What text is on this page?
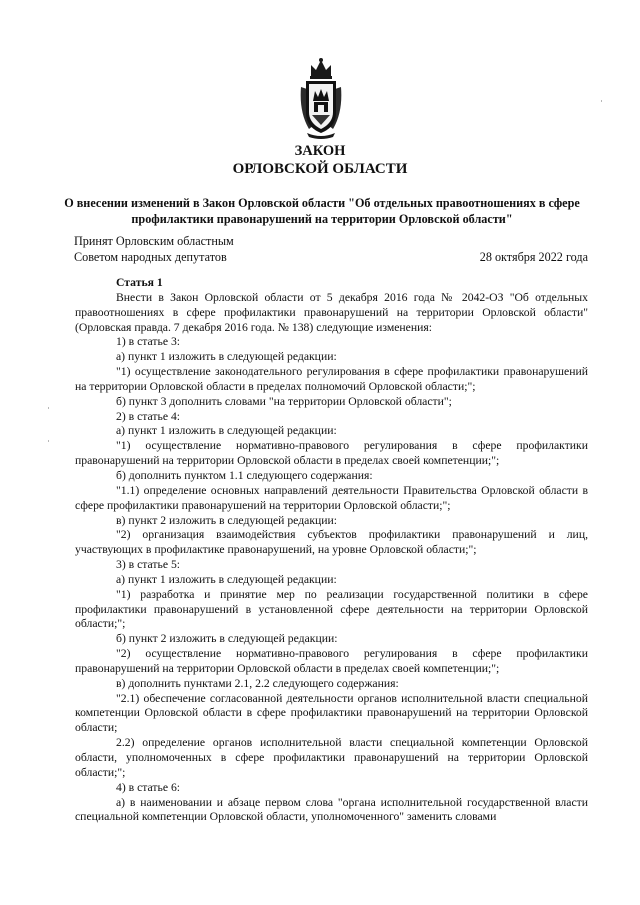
ЗАКОН
ОРЛОВСКОЙ ОБЛАСТИ
О внесении изменений в Закон Орловской области "Об отдельных правоотношениях в сфере профилактики правонарушений на территории Орловской области"
Принят Орловским областным
Советом народных депутатов	28 октября 2022 года

Статья 1

Внести в Закон Орловской области от 5 декабря 2016 года № 2042-ОЗ "Об отдельных правоотношениях в сфере профилактики правонарушений на территории Орловской области" (Орловская правда. 7 декабря 2016 года. № 138) следующие изменения:

1) в статье 3:

а) пункт 1 изложить в следующей редакции:

"1) осуществление законодательного регулирования в сфере профилактики правонарушений на территории Орловской области в пределах полномочий Орловской области;";

б) пункт 3 дополнить словами "на территории Орловской области";

2) в статье 4:

а) пункт 1 изложить в следующей редакции:

"1) осуществление нормативно-правового регулирования в сфере профилактики правонарушений на территории Орловской области в пределах своей компетенции;";

б) дополнить пунктом 1.1 следующего содержания:

"1.1) определение основных направлений деятельности Правительства Орловской области в сфере профилактики правонарушений на территории Орловской области;";

в) пункт 2 изложить в следующей редакции:

"2) организация взаимодействия субъектов профилактики правонарушений и лиц, участвующих в профилактике правонарушений, на уровне Орловской области;";

3) в статье 5:

а) пункт 1 изложить в следующей редакции:

"1) разработка и принятие мер по реализации государственной политики в сфере профилактики правонарушений в установленной сфере деятельности на территории Орловской области;";

б) пункт 2 изложить в следующей редакции:

"2) осуществление нормативно-правового регулирования в сфере профилактики правонарушений на территории Орловской области в пределах своей компетенции;";

в) дополнить пунктами 2.1, 2.2 следующего содержания:

"2.1) обеспечение согласованной деятельности органов исполнительной власти специальной компетенции Орловской области в сфере профилактики правонарушений на территории Орловской области;

2.2) определение органов исполнительной власти специальной компетенции Орловской области, уполномоченных в сфере профилактики правонарушений на территории Орловской области;";

4) в статье 6:

а) в наименовании и абзаце первом слова "органа исполнительной государственной власти специальной компетенции Орловской области, уполномоченного" заменить словами
